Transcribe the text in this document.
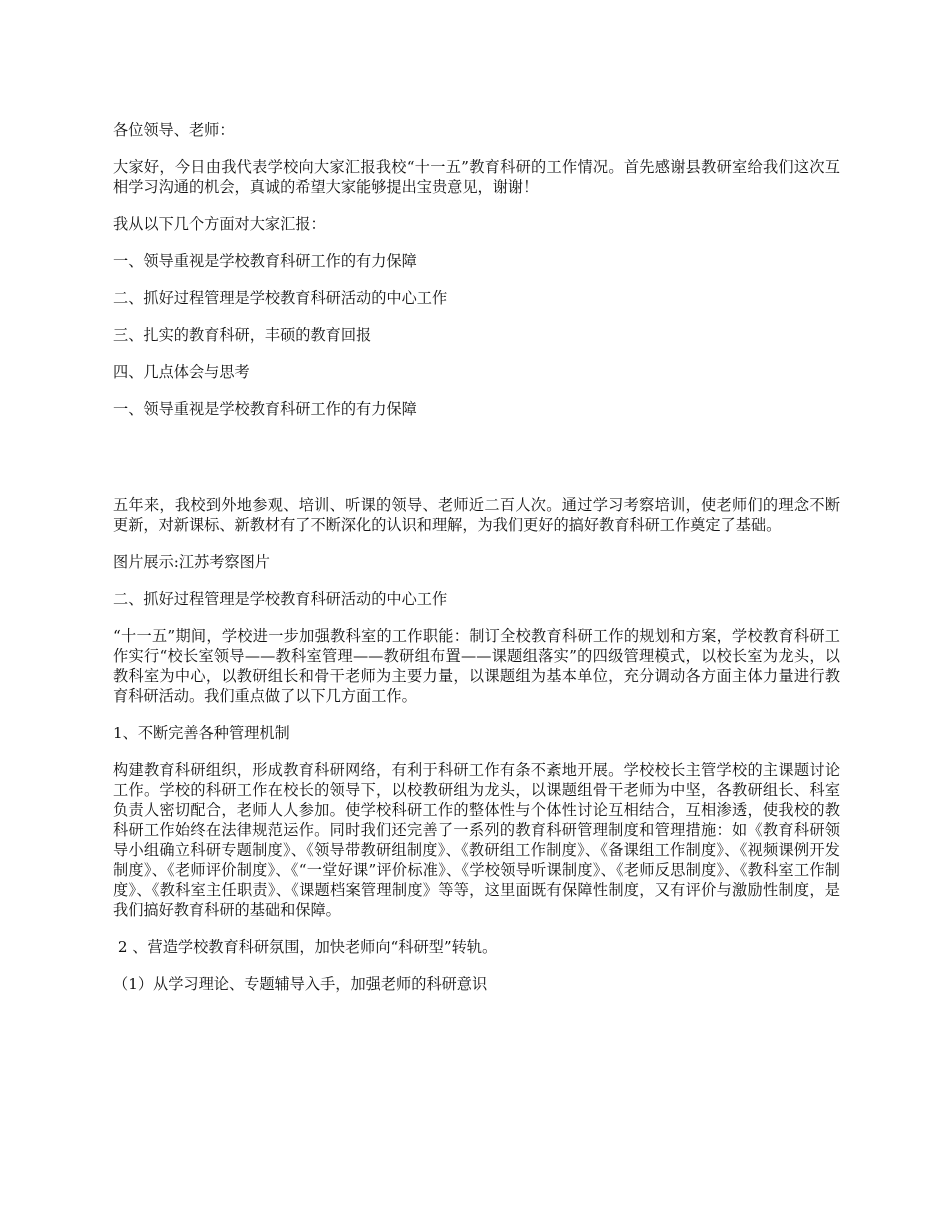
各位领导、老师：

大家好，今日由我代表学校向大家汇报我校“十一五”教育科研的工作情况。首先感谢县教研室给我们这次互相学习沟通的机会，真诚的希望大家能够提出宝贵意见，谢谢！

我从以下几个方面对大家汇报：

一、领导重视是学校教育科研工作的有力保障

二、抓好过程管理是学校教育科研活动的中心工作

三、扎实的教育科研，丰硕的教育回报

四、几点体会与思考

一、领导重视是学校教育科研工作的有力保障

五年来，我校到外地参观、培训、听课的领导、老师近二百人次。通过学习考察培训，使老师们的理念不断更新，对新课标、新教材有了不断深化的认识和理解，为我们更好的搞好教育科研工作奠定了基础。

图片展示:江苏考察图片

二、抓好过程管理是学校教育科研活动的中心工作

“十一五”期间，学校进一步加强教科室的工作职能：制订全校教育科研工作的规划和方案，学校教育科研工作实行“校长室领导——教科室管理——教研组布置——课题组落实”的四级管理模式，以校长室为龙头，以教科室为中心，以教研组长和骨干老师为主要力量，以课题组为基本单位，充分调动各方面主体力量进行教育科研活动。我们重点做了以下几方面工作。

1、不断完善各种管理机制

构建教育科研组织，形成教育科研网络，有利于科研工作有条不紊地开展。学校校长主管学校的主课题讨论工作。学校的科研工作在校长的领导下，以校教研组为龙头，以课题组骨干老师为中坚，各教研组长、科室负责人密切配合，老师人人参加。使学校科研工作的整体性与个体性讨论互相结合，互相渗透，使我校的教科研工作始终在法律规范运作。同时我们还完善了一系列的教育科研管理制度和管理措施：如《教育科研领导小组确立科研专题制度》、《领导带教研组制度》、《教研组工作制度》、《备课组工作制度》、《视频课例开发制度》、《老师评价制度》、《“一堂好课”评价标准》、《学校领导听课制度》、《老师反思制度》、《教科室工作制度》、《教科室主任职责》、《课题档案管理制度》等等，这里面既有保障性制度，又有评价与激励性制度，是我们搞好教育科研的基础和保障。

2 、营造学校教育科研氛围，加快老师向“科研型”转轨。

（1）从学习理论、专题辅导入手，加强老师的科研意识
